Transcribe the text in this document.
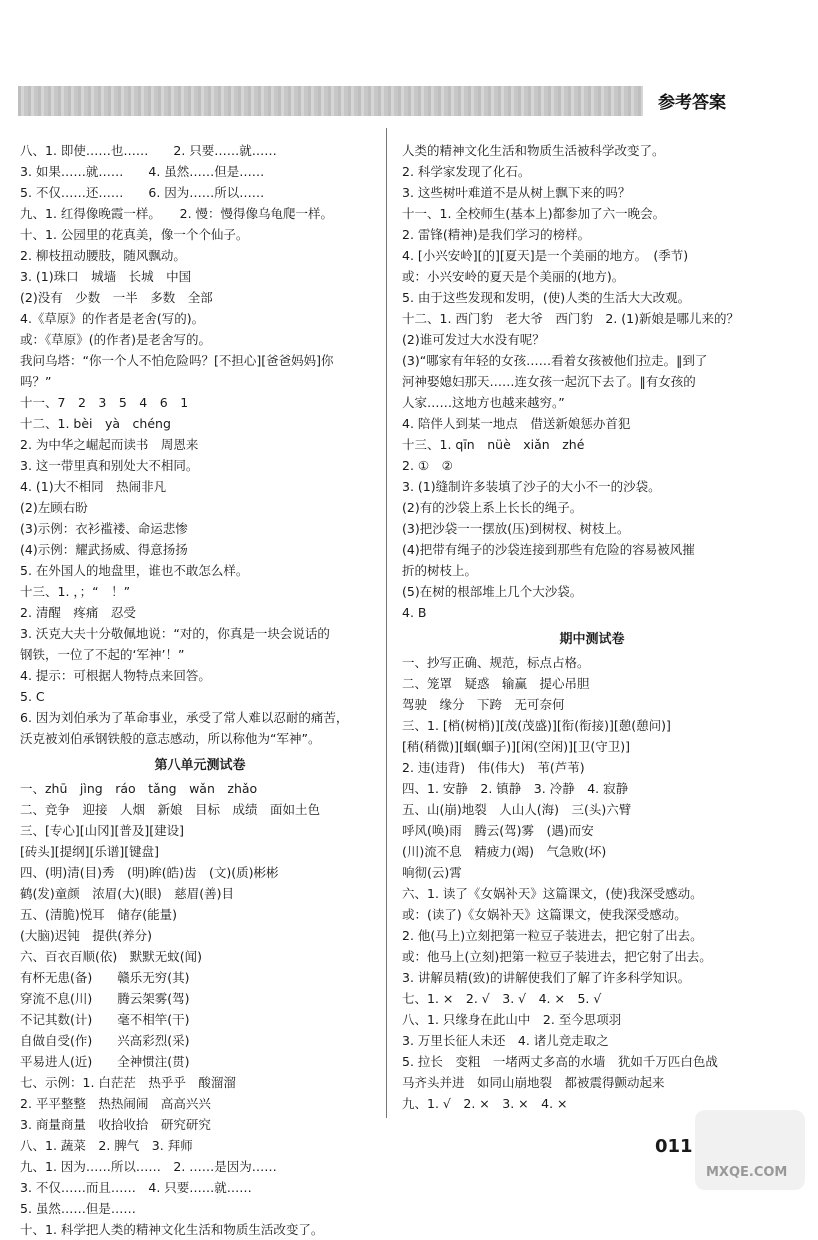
参考答案
八、1. 即使……也……　　2. 只要……就……
3. 如果……就……　　4. 虽然……但是……
5. 不仅……还……　　6. 因为……所以……
九、1. 红得像晚霞一样。　　2. 慢：慢得像乌龟爬一样。
十、1. 公园里的花真美，像一个个仙子。
2. 柳枝扭动腰肢，随风飘动。
3. (1)珠口　城墙　长城　中国
(2)没有　少数　一半　多数　全部
4.《草原》的作者是老舍(写的)。
或：《草原》(的作者)是老舍写的。
我问乌塔：“你一个人不怕危险吗？[不担心][爸爸妈妈]你
吗？”
十一、7　2　3　5　4　6　1
十二、1. bèi　yà　chéng
2. 为中华之崛起而读书　周恩来
3. 这一带里真和别处大不相同。
4. (1)大不相同　热闹非凡
(2)左顾右盼
(3)示例：衣衫褴褛、命运悲惨
(4)示例：耀武扬威、得意扬扬
5. 在外国人的地盘里，谁也不敢怎么样。
十三、1. ，；“　！”
2. 清醒　疼痛　忍受
3. 沃克大夫十分敬佩地说：“对的，你真是一块会说话的
钢铁，一位了不起的‘军神’！”
4. 提示：可根据人物特点来回答。
5. C
6. 因为刘伯承为了革命事业，承受了常人难以忍耐的痛苦，
沃克被刘伯承钢铁般的意志感动，所以称他为“军神”。
第八单元测试卷
一、zhū　jìng　ráo　tǎng　wǎn　zhǎo
二、竞争　迎接　人烟　新娘　目标　成绩　面如土色
三、[专心][山冈][普及][建设]
[砖头][提纲][乐谱][键盘]
四、(明)清(目)秀　(明)眸(皓)齿　(文)(质)彬彬
鹤(发)童颜　浓眉(大)(眼)　慈眉(善)目
五、(清脆)悦耳　储存(能量)
(大脑)迟钝　提供(养分)
六、百衣百顺(依)　默默无蚊(闻)
有杯无患(备)　　赣乐无穷(其)
穿流不息(川)　　腾云架雾(驾)
不记其数(计)　　毫不相竿(干)
自做自受(作)　　兴高彩烈(采)
平易进人(近)　　全神惯注(贯)
七、示例：1. 白茫茫　热乎乎　酸溜溜
2. 平平整整　热热闹闹　高高兴兴
3. 商量商量　收拾收拾　研究研究
八、1. 蔬菜　2. 脾气　3. 拜师
九、1. 因为……所以……　2. ……是因为……
3. 不仅……而且……　4. 只要……就……
5. 虽然……但是……
十、1. 科学把人类的精神文化生活和物质生活改变了。
人类的精神文化生活和物质生活被科学改变了。
2. 科学家发现了化石。
3. 这些树叶难道不是从树上飘下来的吗？
十一、1. 全校师生(基本上)都参加了六一晚会。
2. 雷锋(精神)是我们学习的榜样。
4. [小兴安岭][的][夏天]是一个美丽的地方。　(季节)
或：小兴安岭的夏天是个美丽的(地方)。
5. 由于这些发现和发明，(使)人类的生活大大改观。
十二、1. 西门豹　老大爷　西门豹　2. (1)新娘是哪儿来的？
(2)谁可发过大水没有呢？
(3)“哪家有年轻的女孩……看着女孩被他们拉走。‖到了
河神娶媳妇那天……连女孩一起沉下去了。‖有女孩的
人家……这地方也越来越穷。”
4. 陪伴人到某一地点　借送新娘惩办首犯
十三、1. qīn　nüè　xiǎn　zhé
2. ①　②
3. (1)缝制许多装填了沙子的大小不一的沙袋。
(2)有的沙袋上系上长长的绳子。
(3)把沙袋一一摆放(压)到树杈、树枝上。
(4)把带有绳子的沙袋连接到那些有危险的容易被风摧
折的树枝上。
(5)在树的根部堆上几个大沙袋。
4. B
期中测试卷
一、抄写正确、规范，标点占格。
二、笼罩　疑惑　输赢　提心吊胆
驾驶　缘分　下跨　无可奈何
三、1. [梢(树梢)][茂(茂盛)][衔(衔接)][憩(憩问)]
[稍(稍微)][蝈(蝈子)][闲(空闲)][卫(守卫)]
2. 违(违背)　伟(伟大)　苇(芦苇)
四、1. 安静　2. 镇静　3. 冷静　4. 寂静
五、山(崩)地裂　人山人(海)　三(头)六臂
呼风(唤)雨　腾云(驾)雾　(遇)而安
(川)流不息　精疲力(竭)　气急败(坏)
响彻(云)霄
六、1. 读了《女娲补天》这篇课文，(使)我深受感动。
或：(读了)《女娲补天》这篇课文，使我深受感动。
2. 他(马上)立刻把第一粒豆子装进去，把它射了出去。
或：他马上(立刻)把第一粒豆子装进去，把它射了出去。
3. 讲解员精(致)的讲解使我们了解了许多科学知识。
七、1. ×　2. √　3. √　4. ×　5. √
八、1. 只缘身在此山中　2. 至今思项羽
3. 万里长征人未还　4. 诸儿竞走取之
5. 拉长　变粗　一堵两丈多高的水墙　犹如千万匹白色战
马齐头并进　如同山崩地裂　都被震得颤动起来
九、1. √　2. ×　3. ×　4. ×
011
MXQE.COM
